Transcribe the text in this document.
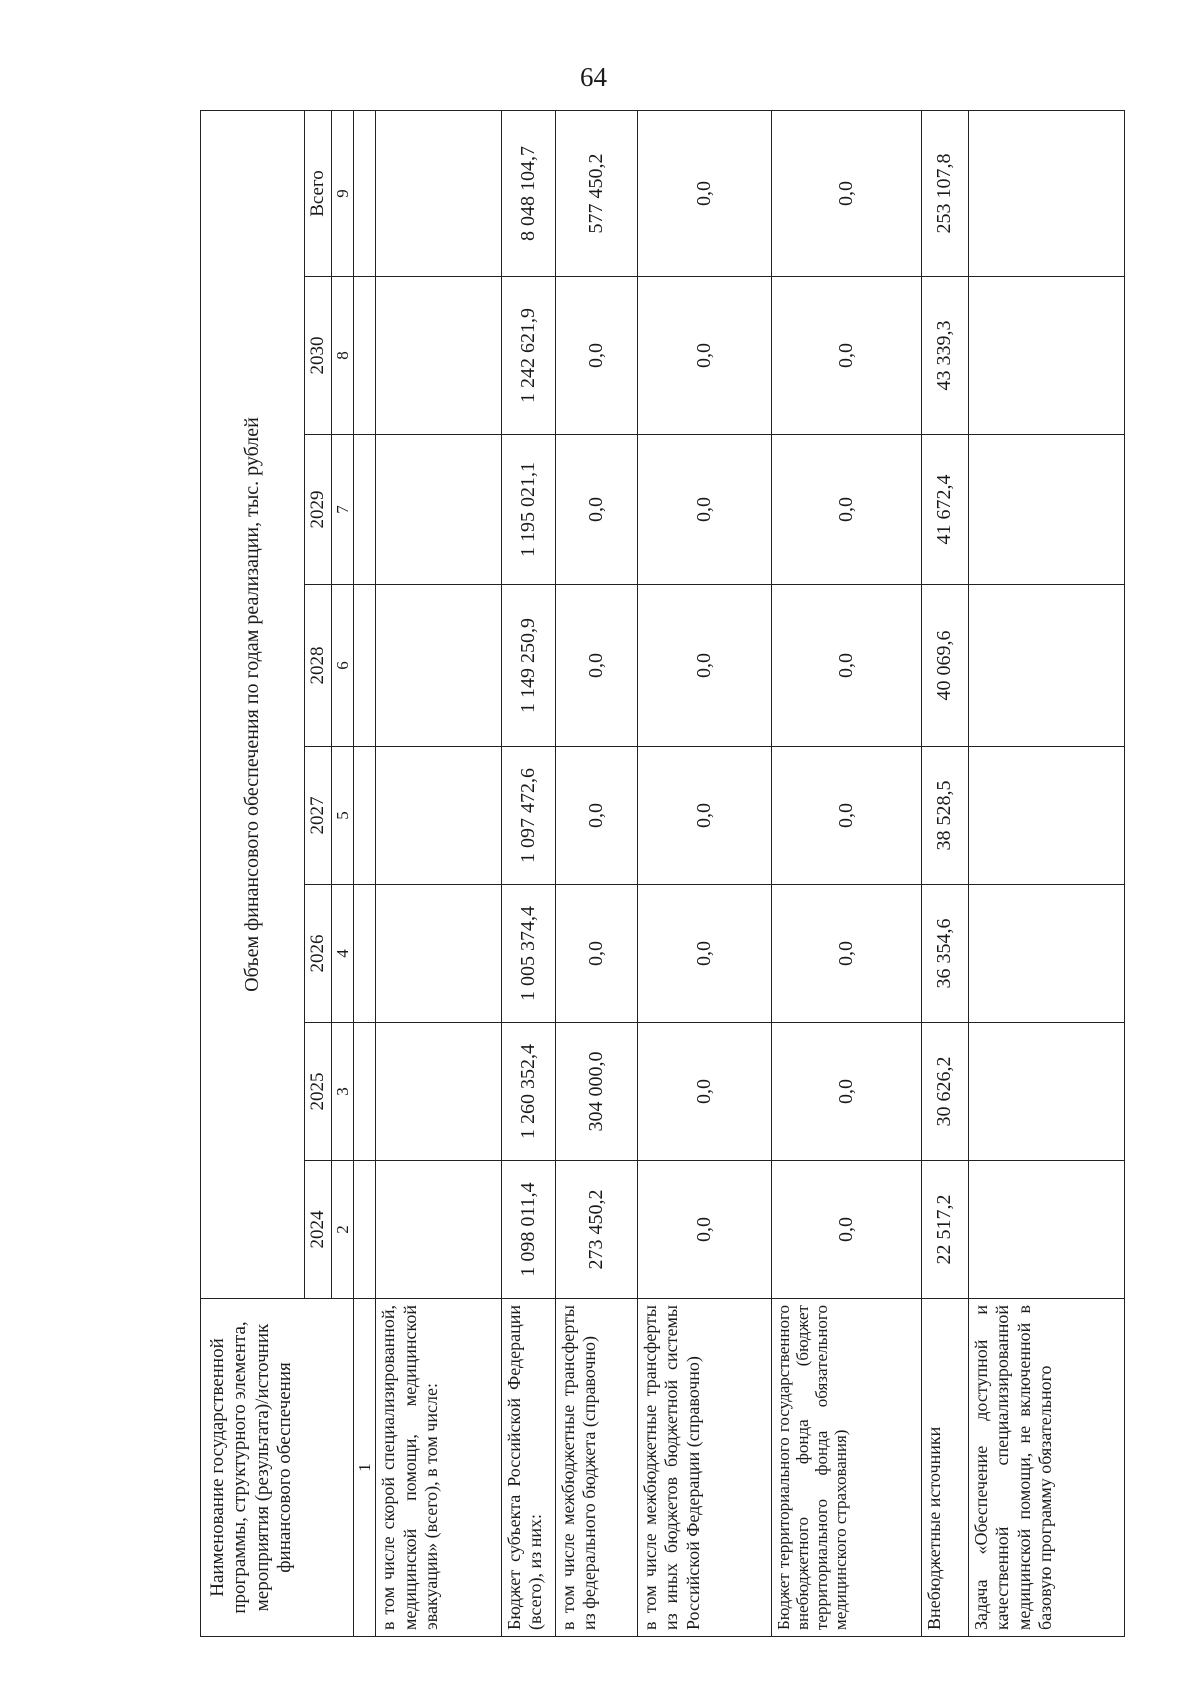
64
Наименование государственной программы, структурного элемента, мероприятия (результата)/источник финансового обеспечения	Объем финансового обеспечения по годам реализации, тыс. рублей							
	2024	2025	2026	2027	2028	2029	2030	Всего
	2	3	4	5	6	7	8	9
1								
в том числе скорой специализированной, медицинской помощи, медицинской эвакуации» (всего), в том числе:								
Бюджет субъекта Российской Федерации (всего), из них:	1 098 011,4	1 260 352,4	1 005 374,4	1 097 472,6	1 149 250,9	1 195 021,1	1 242 621,9	8 048 104,7
в том числе межбюджетные трансферты из федерального бюджета (справочно)	273 450,2	304 000,0	0,0	0,0	0,0	0,0	0,0	577 450,2
в том числе межбюджетные трансферты из иных бюджетов бюджетной системы Российской Федерации (справочно)	0,0	0,0	0,0	0,0	0,0	0,0	0,0	0,0
Бюджет территориального государственного внебюджетного фонда (бюджет территориального фонда обязательного медицинского страхования)	0,0	0,0	0,0	0,0	0,0	0,0	0,0	0,0
Внебюджетные источники	22 517,2	30 626,2	36 354,6	38 528,5	40 069,6	41 672,4	43 339,3	253 107,8
Задача «Обеспечение доступной и качественной специализированной медицинской помощи, не включенной в базовую программу обязательного								
